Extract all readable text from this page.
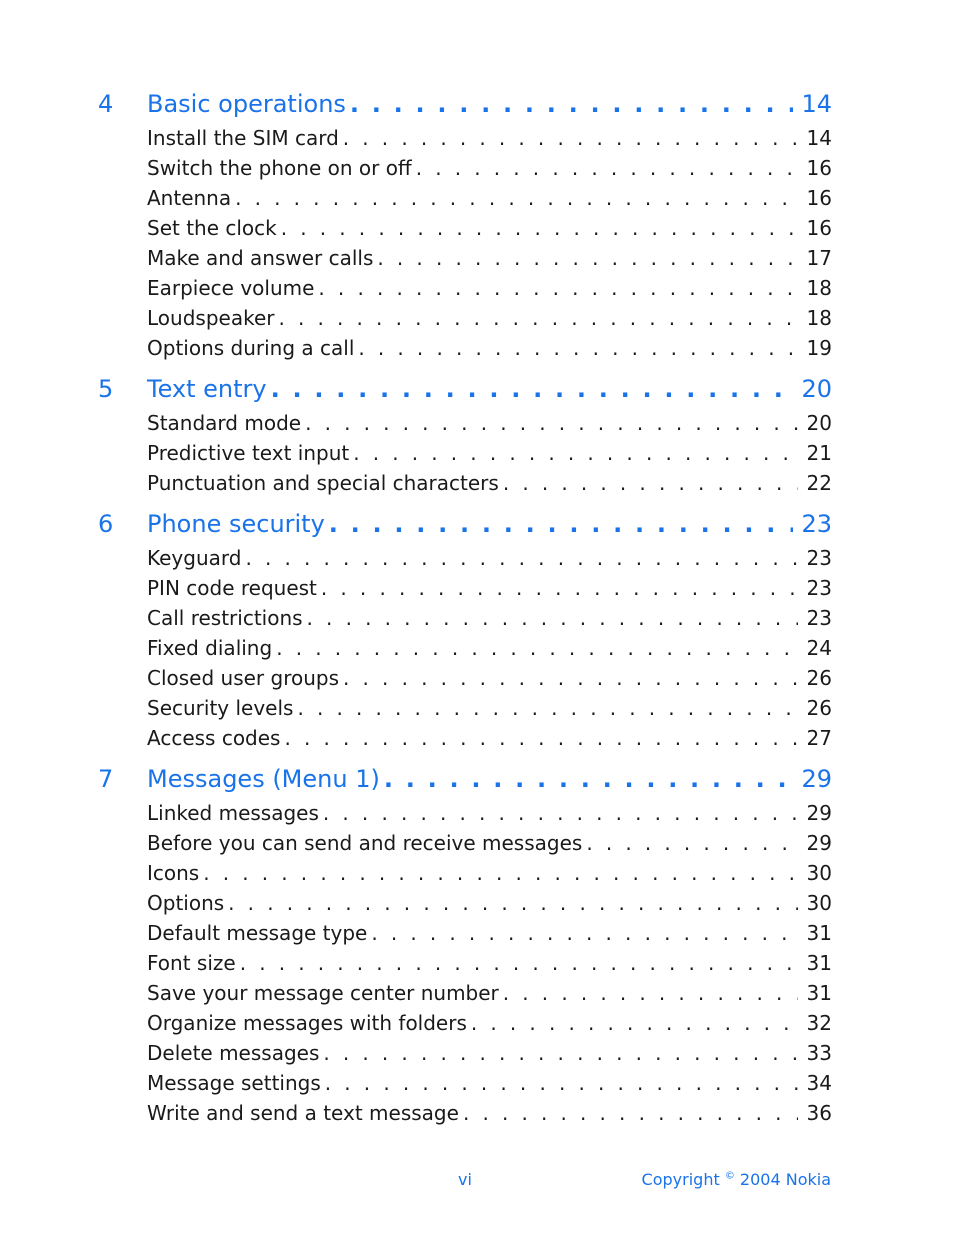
4	Basic operations . . .	14
Install the SIM card . . .	14
Switch the phone on or off . . .	16
Antenna . . .	16
Set the clock . . .	16
Make and answer calls . . .	17
Earpiece volume . . .	18
Loudspeaker . . .	18
Options during a call . . .	19
5	Text entry . . .	20
Standard mode . . .	20
Predictive text input . . .	21
Punctuation and special characters . . .	22
6	Phone security . . .	23
Keyguard . . .	23
PIN code request . . .	23
Call restrictions . . .	23
Fixed dialing . . .	24
Closed user groups . . .	26
Security levels . . .	26
Access codes . . .	27
7	Messages (Menu 1) . . .	29
Linked messages . . .	29
Before you can send and receive messages . . .	29
Icons . . .	30
Options . . .	30
Default message type . . .	31
Font size . . .	31
Save your message center number . . .	31
Organize messages with folders . . .	32
Delete messages . . .	33
Message settings . . .	34
Write and send a text message . . .	36
vi	Copyright © 2004 Nokia
